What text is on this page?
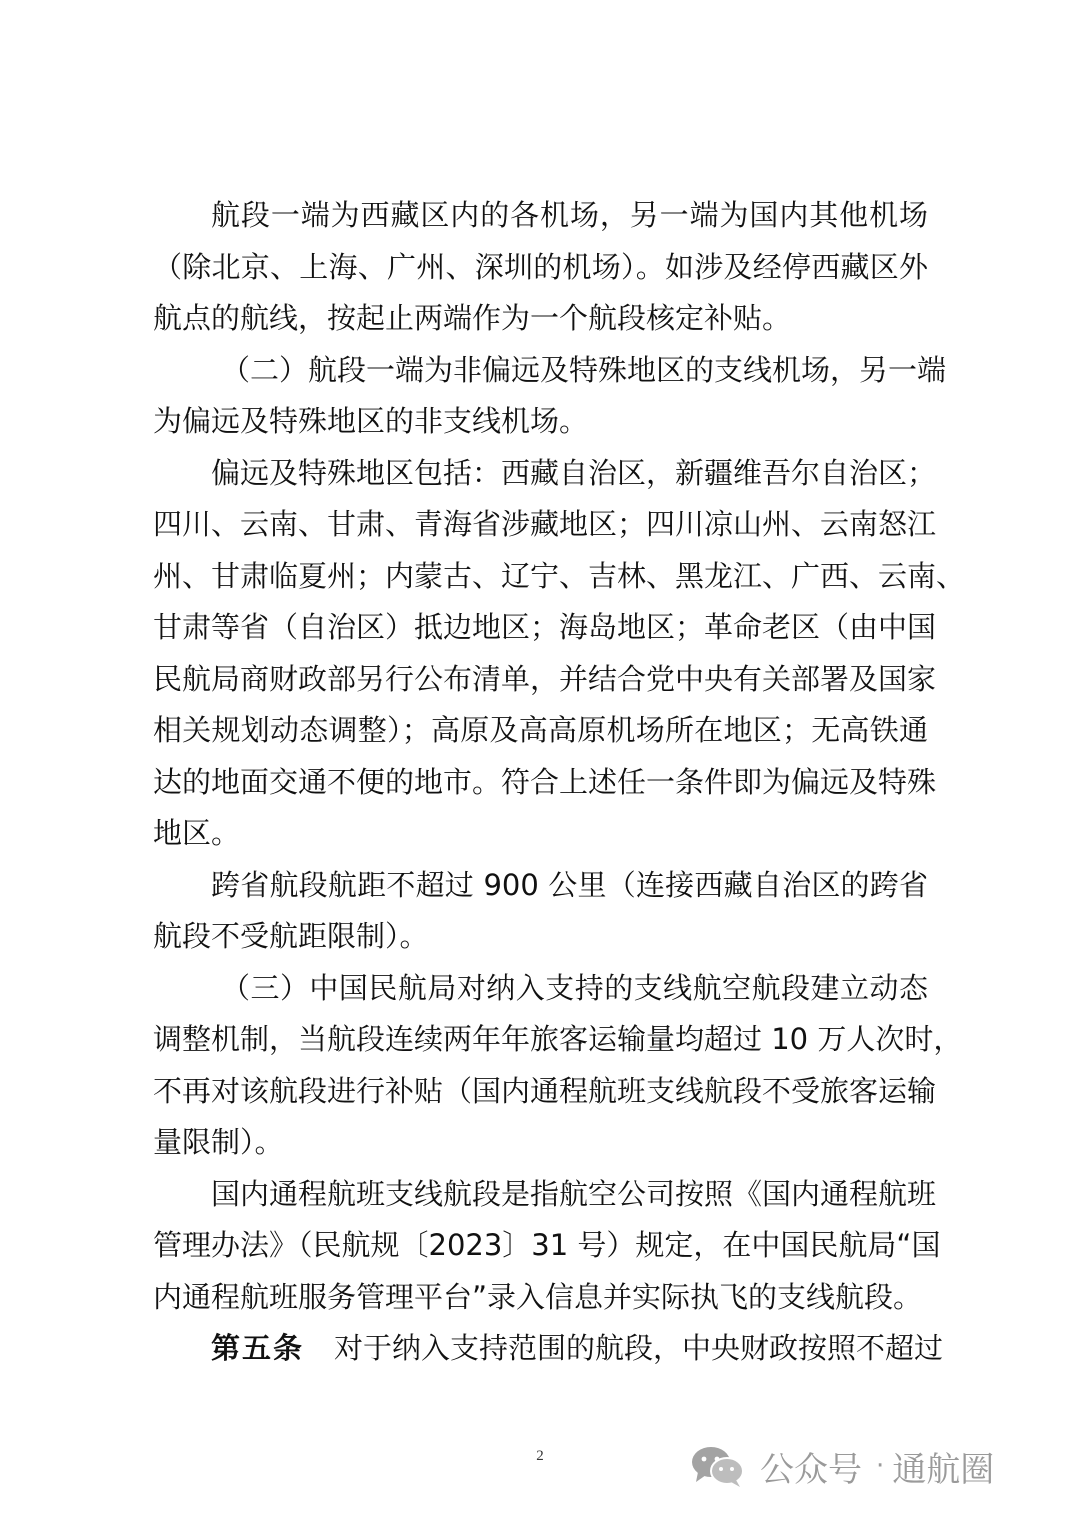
航段一端为西藏区内的各机场，另一端为国内其他机场
（除北京、上海、广州、深圳的机场）。如涉及经停西藏区外
航点的航线，按起止两端作为一个航段核定补贴。
（二）航段一端为非偏远及特殊地区的支线机场，另一端
为偏远及特殊地区的非支线机场。
偏远及特殊地区包括：西藏自治区，新疆维吾尔自治区；
四川、云南、甘肃、青海省涉藏地区；四川凉山州、云南怒江
州、甘肃临夏州；内蒙古、辽宁、吉林、黑龙江、广西、云南、
甘肃等省（自治区）抵边地区；海岛地区；革命老区（由中国
民航局商财政部另行公布清单，并结合党中央有关部署及国家
相关规划动态调整）；高原及高高原机场所在地区；无高铁通
达的地面交通不便的地市。符合上述任一条件即为偏远及特殊
地区。
跨省航段航距不超过 900 公里（连接西藏自治区的跨省
航段不受航距限制）。
（三）中国民航局对纳入支持的支线航空航段建立动态
调整机制，当航段连续两年年旅客运输量均超过 10 万人次时，
不再对该航段进行补贴（国内通程航班支线航段不受旅客运输
量限制）。
国内通程航班支线航段是指航空公司按照《国内通程航班
管理办法》（民航规〔2023〕31 号）规定，在中国民航局“国
内通程航班服务管理平台”录入信息并实际执飞的支线航段。
第五条 对于纳入支持范围的航段，中央财政按照不超过
2	公众号 · 通航圈
